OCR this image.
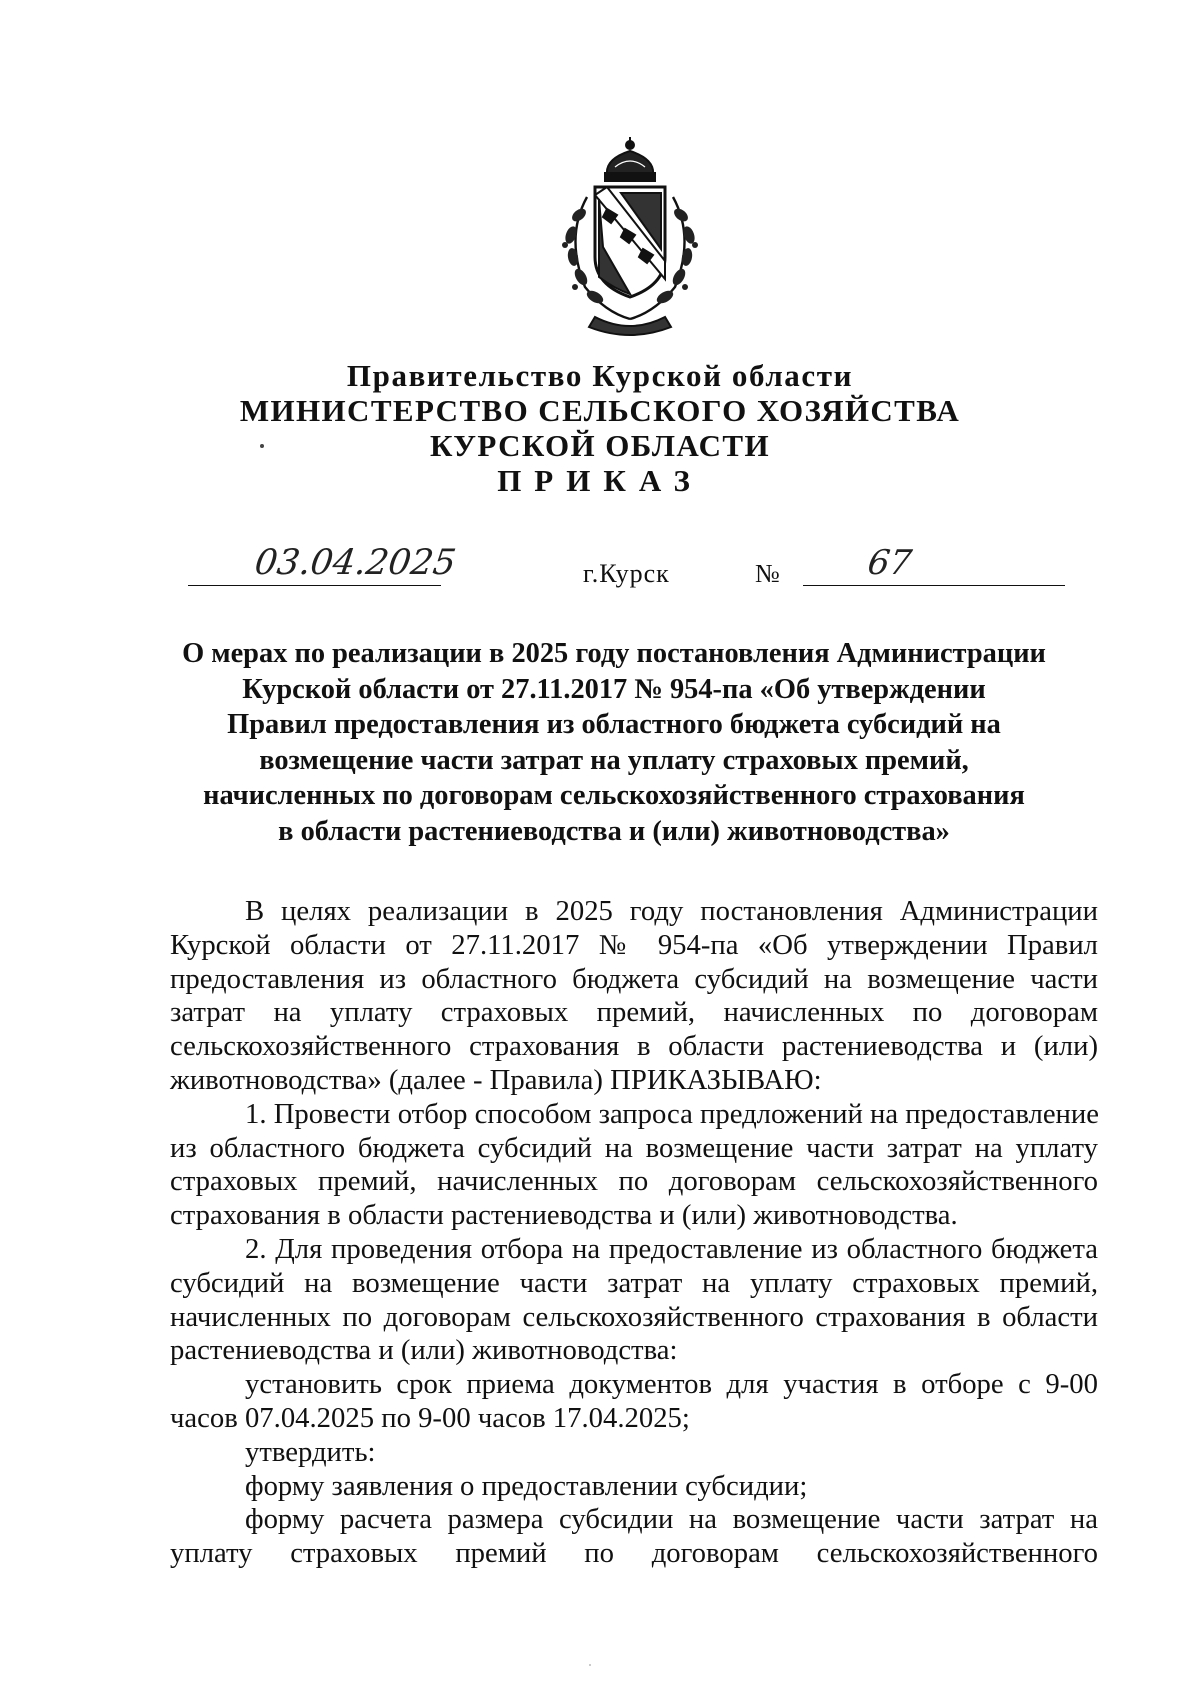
Правительство Курской области
МИНИСТЕРСТВО СЕЛЬСКОГО ХОЗЯЙСТВА
КУРСКОЙ ОБЛАСТИ
ПРИКАЗ
03.04.2025	г.Курск	№	67
О мерах по реализации в 2025 году постановления Администрации
Курской области от 27.11.2017 № 954-па «Об утверждении
Правил предоставления из областного бюджета субсидий на
возмещение части затрат на уплату страховых премий,
начисленных по договорам сельскохозяйственного страхования
в области растениеводства и (или) животноводства»
В целях реализации в 2025 году постановления Администрации
Курской области от 27.11.2017 № 954-па «Об утверждении Правил
предоставления из областного бюджета субсидий на возмещение части
затрат на уплату страховых премий, начисленных по договорам
сельскохозяйственного страхования в области растениеводства и (или)
животноводства» (далее - Правила) ПРИКАЗЫВАЮ:
1. Провести отбор способом запроса предложений на предоставление
из областного бюджета субсидий на возмещение части затрат на уплату
страховых премий, начисленных по договорам сельскохозяйственного
страхования в области растениеводства и (или) животноводства.
2. Для проведения отбора на предоставление из областного бюджета
субсидий на возмещение части затрат на уплату страховых премий,
начисленных по договорам сельскохозяйственного страхования в области
растениеводства и (или) животноводства:
установить срок приема документов для участия в отборе с 9-00
часов 07.04.2025 по 9-00 часов 17.04.2025;
утвердить:
форму заявления о предоставлении субсидии;
форму расчета размера субсидии на возмещение части затрат на
уплату страховых премий по договорам сельскохозяйственного
